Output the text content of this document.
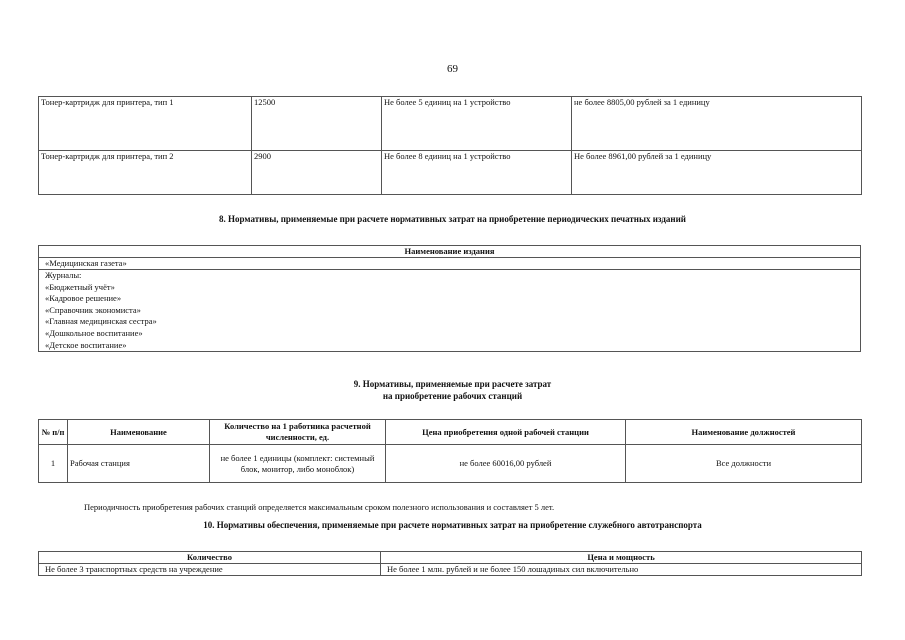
69
Тонер-картридж для принтера, тип 1	12500	Не более 5 единиц на 1 устройство	не более 8805,00 рублей за 1 единицу
Тонер-картридж для принтера, тип 2	2900	Не более 8 единиц на 1 устройство	Не более 8961,00 рублей за 1 единицу
8. Нормативы, применяемые при расчете нормативных затрат на приобретение периодических печатных изданий
Наименование издания
«Медицинская газета»

Журналы:
«Бюджетный учёт»
«Кадровое решение»
«Справочник экономиста»
«Главная медицинская сестра»
«Дошкольное воспитание»
«Детское воспитание»
9. Нормативы, применяемые при расчете затрат
на приобретение рабочих станций
№ п/п	Наименование	Количество на 1 работника расчетной численности, ед.	Цена приобретения одной рабочей станции	Наименование должностей
1	Рабочая станция	не более 1 единицы (комплект: системный блок, монитор, либо моноблок)	не более 60016,00 рублей	Все должности
Периодичность приобретения рабочих станций определяется максимальным сроком полезного использования и составляет 5 лет.
10. Нормативы обеспечения, применяемые при расчете нормативных затрат на приобретение служебного автотранспорта
Количество	Цена и мощность
Не более 3 транспортных средств на учреждение	Не более 1 млн. рублей и не более 150 лошадиных сил включительно
